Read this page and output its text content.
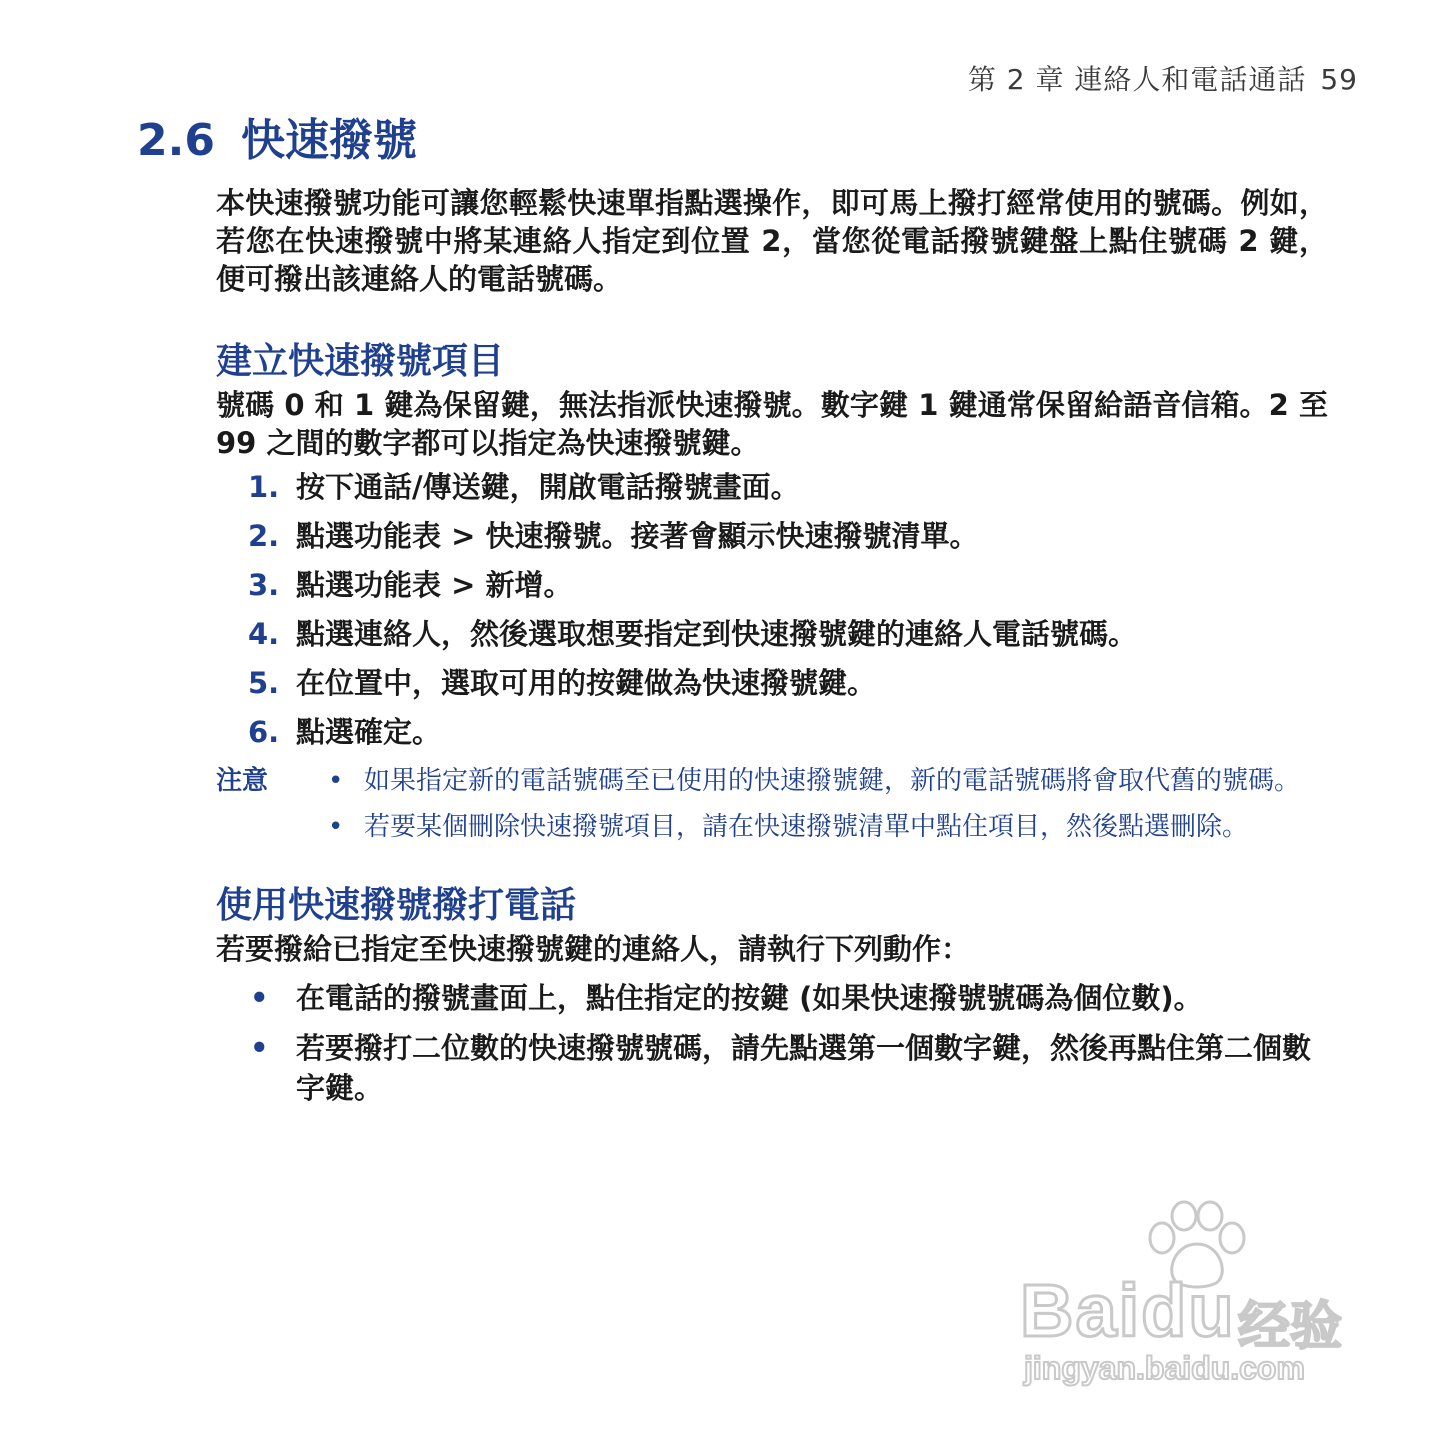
第 2 章 連絡人和電話通話 59
2.6 快速撥號

本快速撥號功能可讓您輕鬆快速單指點選操作，即可馬上撥打經常使用的號碼。例如，若您在快速撥號中將某連絡人指定到位置 2，當您從電話撥號鍵盤上點住號碼 2 鍵，便可撥出該連絡人的電話號碼。

建立快速撥號項目

號碼 0 和 1 鍵為保留鍵，無法指派快速撥號。數字鍵 1 鍵通常保留給語音信箱。2 至 99 之間的數字都可以指定為快速撥號鍵。

1. 按下通話/傳送鍵，開啟電話撥號畫面。
2. 點選功能表 > 快速撥號。接著會顯示快速撥號清單。
3. 點選功能表 > 新增。
4. 點選連絡人，然後選取想要指定到快速撥號鍵的連絡人電話號碼。
5. 在位置中，選取可用的按鍵做為快速撥號鍵。
6. 點選確定。
注意	• 如果指定新的電話號碼至已使用的快速撥號鍵，新的電話號碼將會取代舊的號碼。
• 若要某個刪除快速撥號項目，請在快速撥號清單中點住項目，然後點選刪除。
使用快速撥號撥打電話

若要撥給已指定至快速撥號鍵的連絡人，請執行下列動作：

• 在電話的撥號畫面上，點住指定的按鍵 (如果快速撥號號碼為個位數)。
• 若要撥打二位數的快速撥號號碼，請先點選第一個數字鍵，然後再點住第二個數字鍵。
Baidu 经验
jingyan.baidu.com
